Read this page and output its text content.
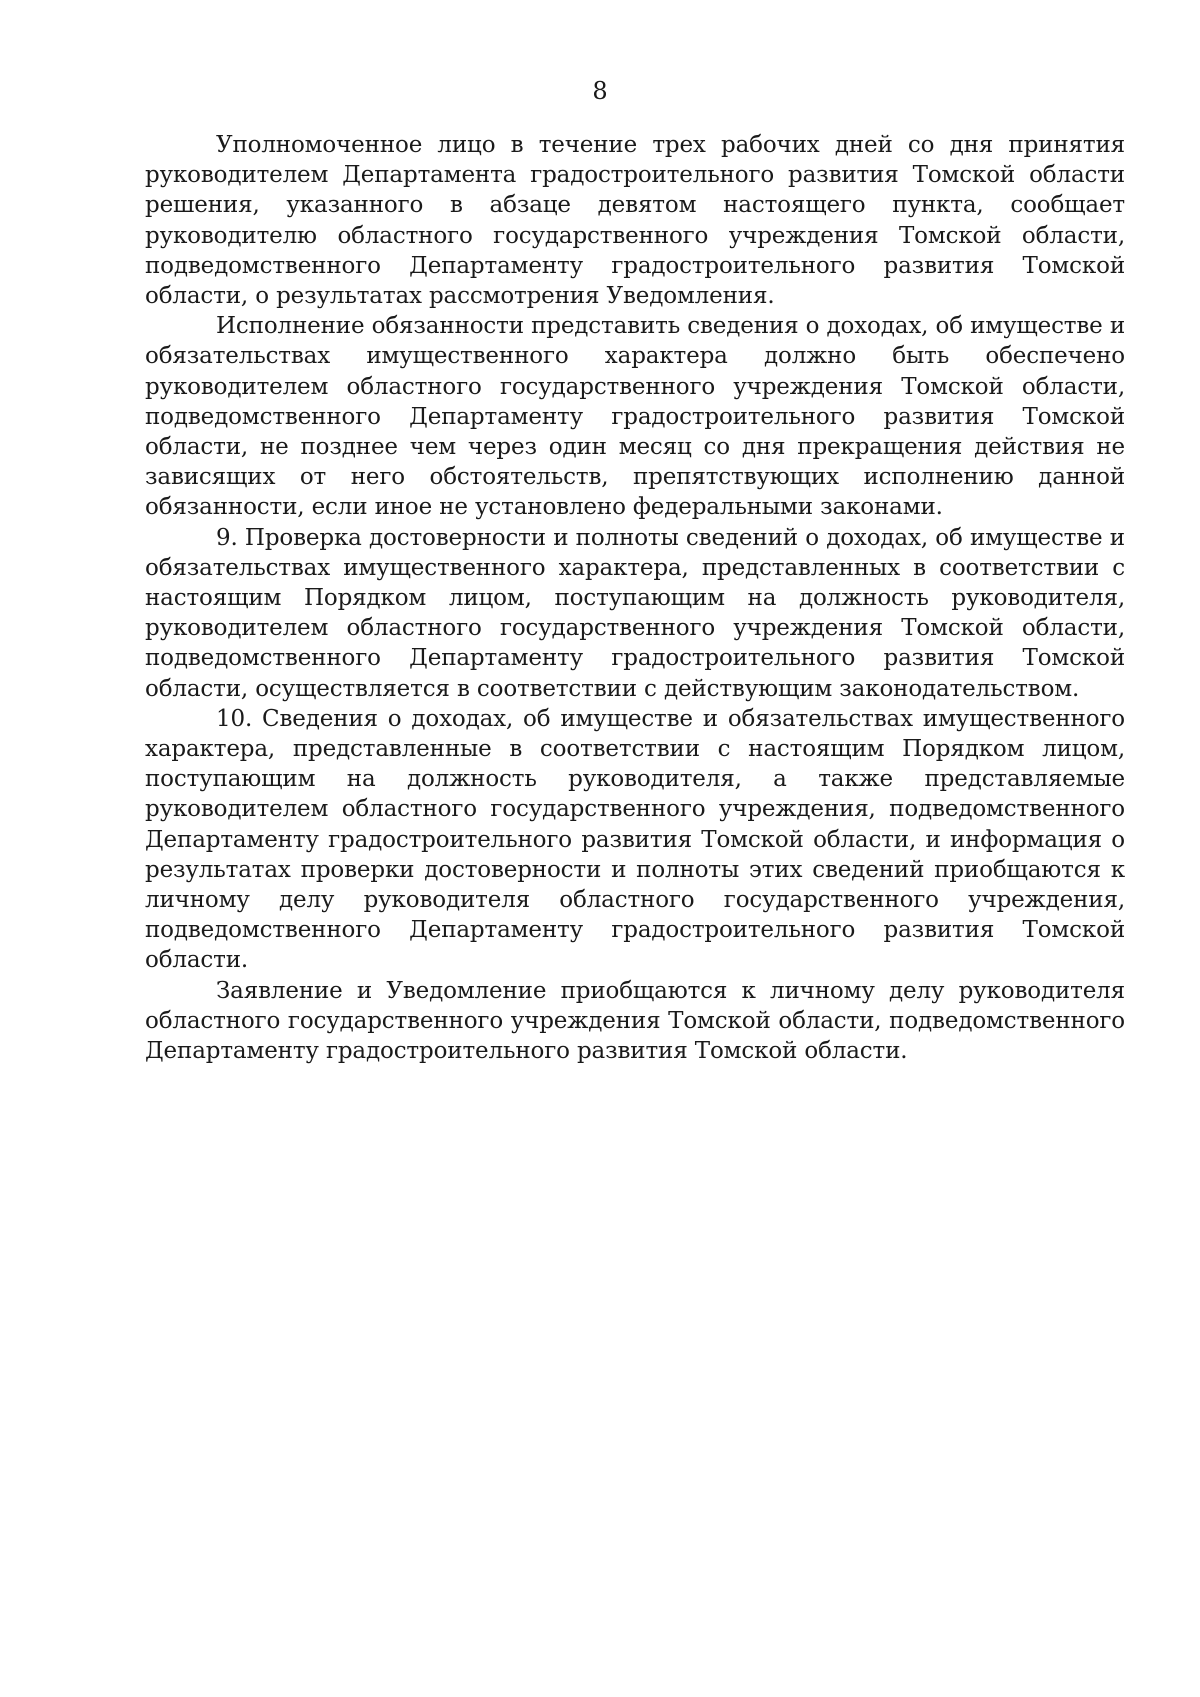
8

Уполномоченное лицо в течение трех рабочих дней со дня принятия руководителем Департамента градостроительного развития Томской области решения, указанного в абзаце девятом настоящего пункта, сообщает руководителю областного государственного учреждения Томской области, подведомственного Департаменту градостроительного развития Томской области, о результатах рассмотрения Уведомления.

Исполнение обязанности представить сведения о доходах, об имуществе и обязательствах имущественного характера должно быть обеспечено руководителем областного государственного учреждения Томской области, подведомственного Департаменту градостроительного развития Томской области, не позднее чем через один месяц со дня прекращения действия не зависящих от него обстоятельств, препятствующих исполнению данной обязанности, если иное не установлено федеральными законами.

9. Проверка достоверности и полноты сведений о доходах, об имуществе и обязательствах имущественного характера, представленных в соответствии с настоящим Порядком лицом, поступающим на должность руководителя, руководителем областного государственного учреждения Томской области, подведомственного Департаменту градостроительного развития Томской области, осуществляется в соответствии с действующим законодательством.

10. Сведения о доходах, об имуществе и обязательствах имущественного характера, представленные в соответствии с настоящим Порядком лицом, поступающим на должность руководителя, а также представляемые руководителем областного государственного учреждения, подведомственного Департаменту градостроительного развития Томской области, и информация о результатах проверки достоверности и полноты этих сведений приобщаются к личному делу руководителя областного государственного учреждения, подведомственного Департаменту градостроительного развития Томской области.

Заявление и Уведомление приобщаются к личному делу руководителя областного государственного учреждения Томской области, подведомственного Департаменту градостроительного развития Томской области.
